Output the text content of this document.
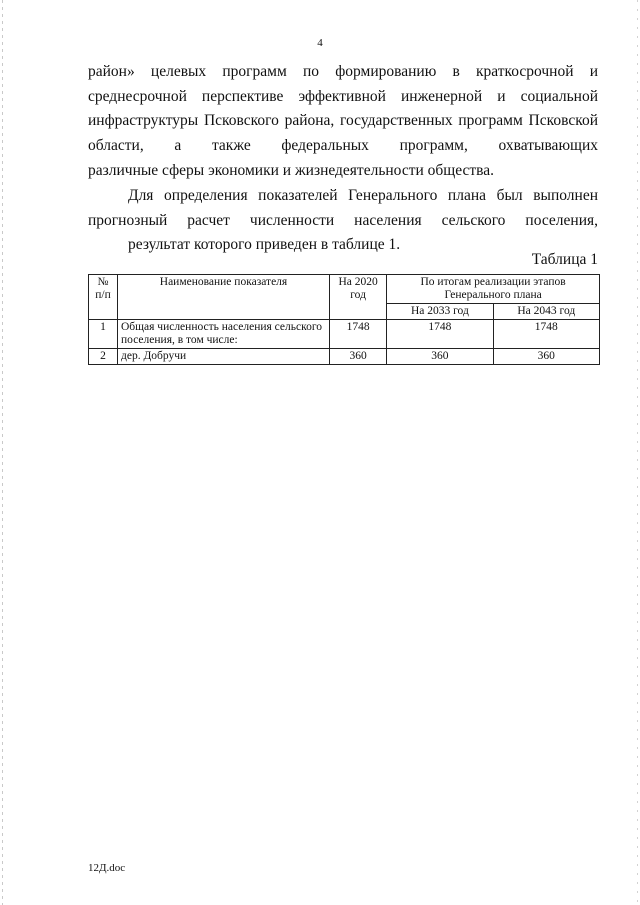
4

район» целевых программ по формированию в краткосрочной и среднесрочной перспективе эффективной инженерной и социальной инфраструктуры Псковского района, государственных программ Псковской области, а также федеральных программ, охватывающих
различные сферы экономики и жизнедеятельности общества.

Для определения показателей Генерального плана был выполнен прогнозный расчет численности населения сельского поселения,
результат которого приведен в таблице 1.

Таблица 1
№ п/п	Наименование показателя	На 2020 год	По итогам реализации этапов Генерального плана	
			На 2033 год	На 2043 год
1	Общая численность населения сельского поселения, в том числе:	1748	1748	1748
2	дер. Добручи	360	360	360
12Д.doc
